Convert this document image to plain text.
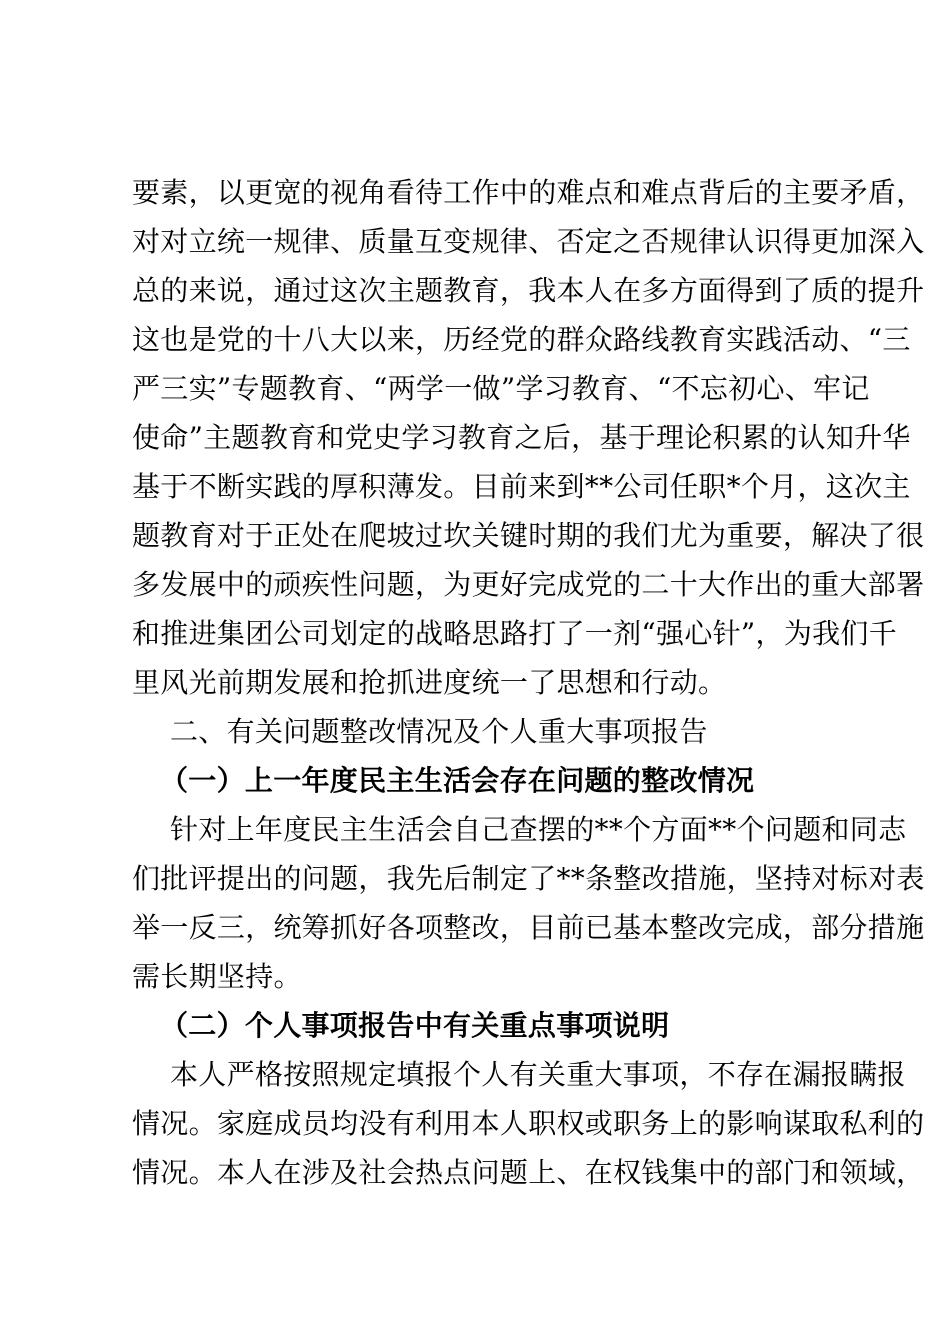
要素，以更宽的视角看待工作中的难点和难点背后的主要矛盾，
对对立统一规律、质量互变规律、否定之否规律认识得更加深入
总的来说，通过这次主题教育，我本人在多方面得到了质的提升
这也是党的十八大以来，历经党的群众路线教育实践活动、“三
严三实”专题教育、“两学一做”学习教育、“不忘初心、牢记
使命”主题教育和党史学习教育之后，基于理论积累的认知升华
基于不断实践的厚积薄发。目前来到**公司任职*个月，这次主
题教育对于正处在爬坡过坎关键时期的我们尤为重要，解决了很
多发展中的顽疾性问题，为更好完成党的二十大作出的重大部署
和推进集团公司划定的战略思路打了一剂“强心针”，为我们千
里风光前期发展和抢抓进度统一了思想和行动。
二、有关问题整改情况及个人重大事项报告
（一）上一年度民主生活会存在问题的整改情况
针对上年度民主生活会自己查摆的**个方面**个问题和同志
们批评提出的问题，我先后制定了**条整改措施，坚持对标对表
举一反三，统筹抓好各项整改，目前已基本整改完成，部分措施
需长期坚持。
（二）个人事项报告中有关重点事项说明
本人严格按照规定填报个人有关重大事项，不存在漏报瞒报
情况。家庭成员均没有利用本人职权或职务上的影响谋取私利的
情况。本人在涉及社会热点问题上、在权钱集中的部门和领域，
